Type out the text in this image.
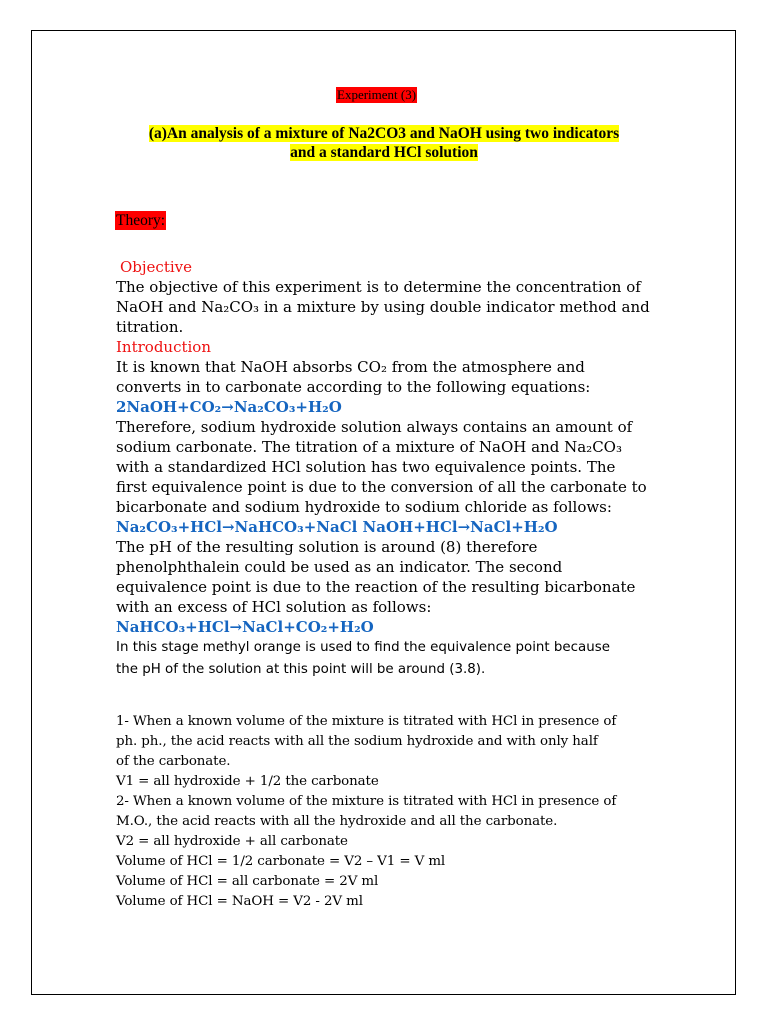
Experiment (3)
(a)An analysis of a mixture of Na2CO3 and NaOH using two indicators
and a standard HCl solution
Theory:
Objective
The objective of this experiment is to determine the concentration of
NaOH and Na₂CO₃ in a mixture by using double indicator method and
titration.
Introduction
It is known that NaOH absorbs CO₂ from the atmosphere and
converts in to carbonate according to the following equations:
2NaOH+CO₂→Na₂CO₃+H₂O
Therefore, sodium hydroxide solution always contains an amount of
sodium carbonate. The titration of a mixture of NaOH and Na₂CO₃
with a standardized HCl solution has two equivalence points. The
first equivalence point is due to the conversion of all the carbonate to
bicarbonate and sodium hydroxide to sodium chloride as follows:
Na₂CO₃+HCl→NaHCO₃+NaCl NaOH+HCl→NaCl+H₂O
The pH of the resulting solution is around (8) therefore
phenolphthalein could be used as an indicator. The second
equivalence point is due to the reaction of the resulting bicarbonate
with an excess of HCl solution as follows:
NaHCO₃+HCl→NaCl+CO₂+H₂O
In this stage methyl orange is used to find the equivalence point because
the pH of the solution at this point will be around (3.8).
1- When a known volume of the mixture is titrated with HCl in presence of
ph. ph., the acid reacts with all the sodium hydroxide and with only half
of the carbonate.
V1 = all hydroxide + 1/2 the carbonate
2- When a known volume of the mixture is titrated with HCl in presence of
M.O., the acid reacts with all the hydroxide and all the carbonate.
V2 = all hydroxide + all carbonate
Volume of HCl = 1/2 carbonate = V2 – V1 = V ml
Volume of HCl = all carbonate = 2V ml
Volume of HCl = NaOH = V2 - 2V ml
